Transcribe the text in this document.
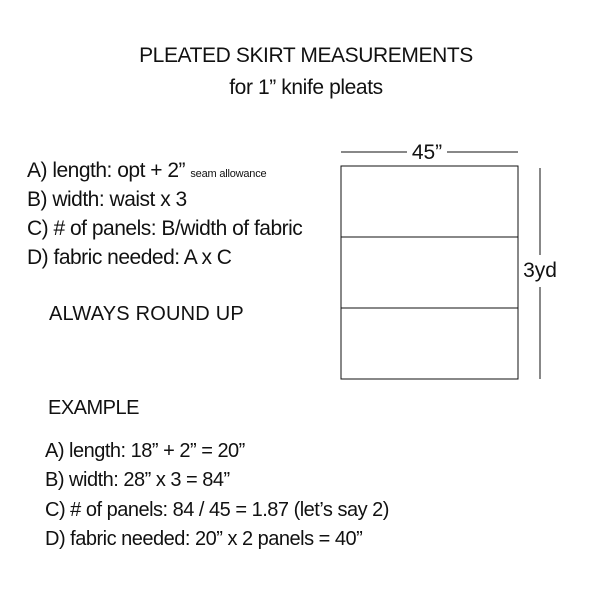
PLEATED SKIRT MEASUREMENTS
for 1” knife pleats
A) length: opt + 2” seam allowance
B) width: waist x 3
C) # of panels: B/width of fabric
D) fabric needed: A x C
ALWAYS ROUND UP
EXAMPLE
A) length: 18” + 2” = 20”
B) width: 28” x 3 = 84”
C) # of panels: 84 / 45 = 1.87 (let’s say 2)
D) fabric needed: 20” x 2 panels = 40”
45”
3yd
